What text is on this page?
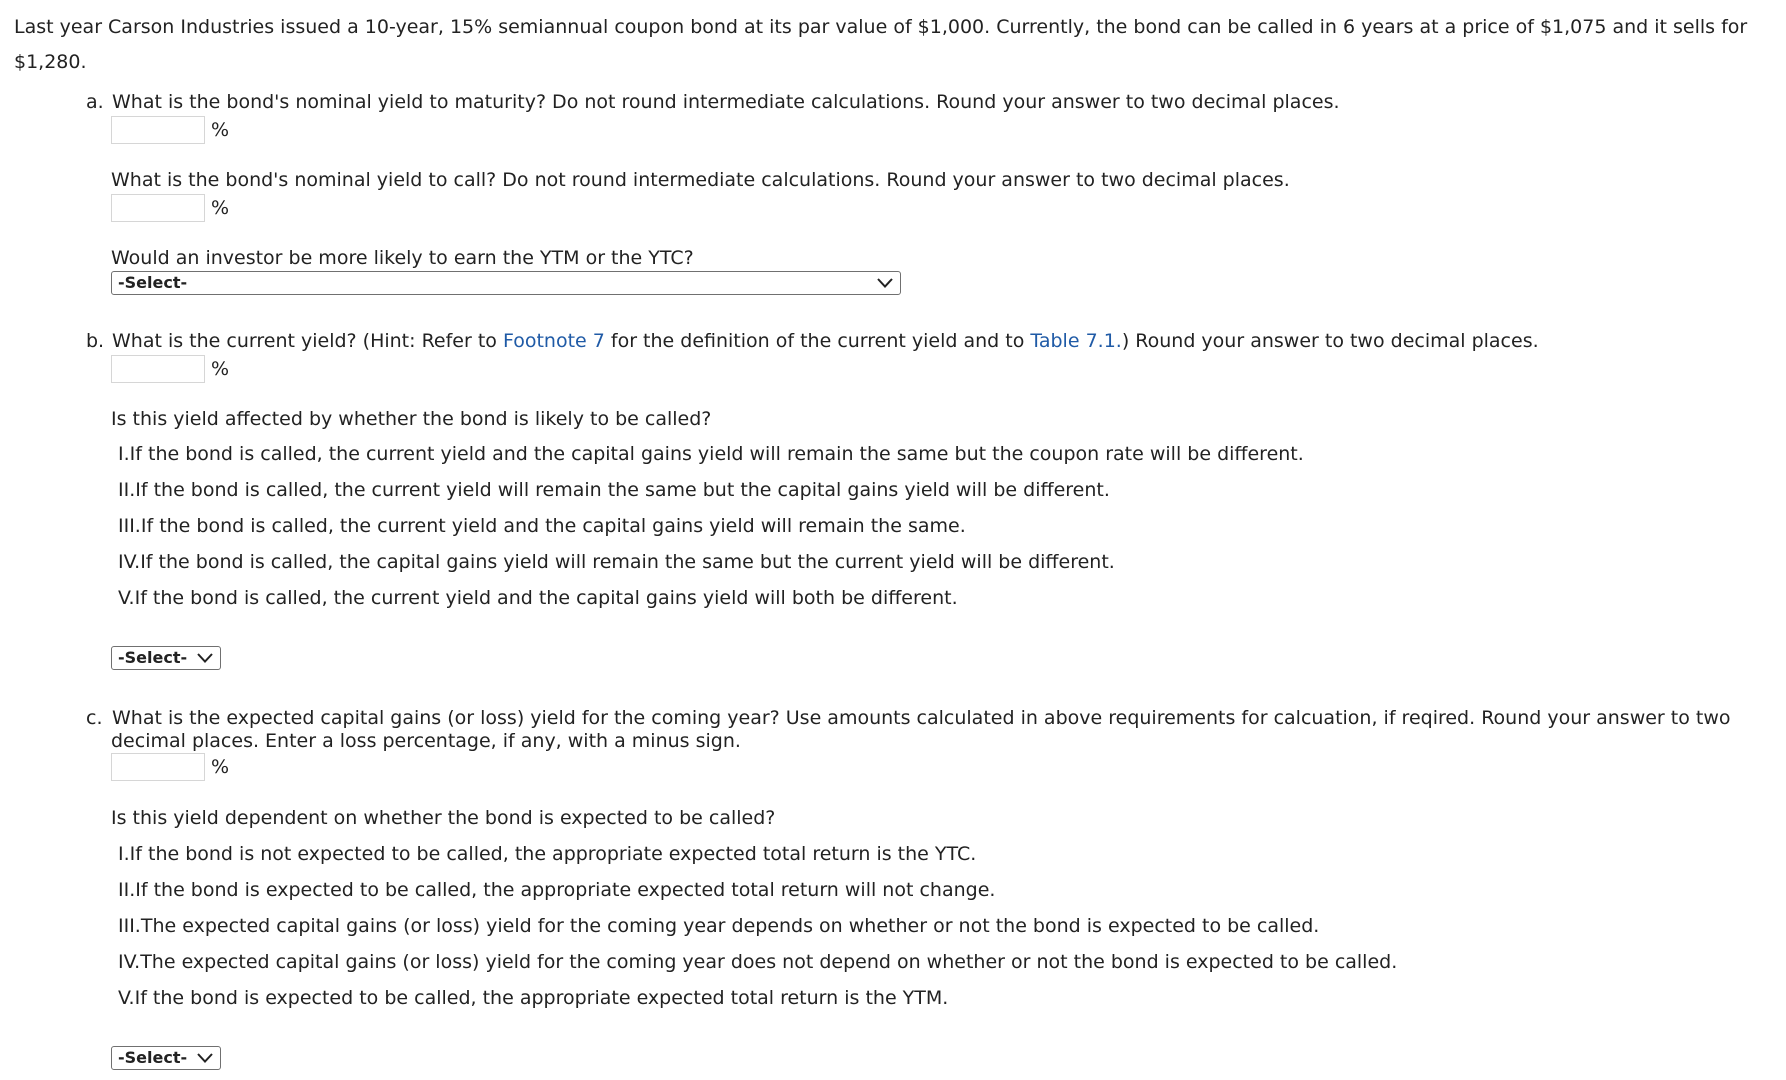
Last year Carson Industries issued a 10-year, 15% semiannual coupon bond at its par value of $1,000. Currently, the bond can be called in 6 years at a price of $1,075 and it sells for $1,280.
a. What is the bond's nominal yield to maturity? Do not round intermediate calculations. Round your answer to two decimal places.
%
What is the bond's nominal yield to call? Do not round intermediate calculations. Round your answer to two decimal places.
%
Would an investor be more likely to earn the YTM or the YTC?
-Select-
b. What is the current yield? (Hint: Refer to Footnote 7 for the definition of the current yield and to Table 7.1.) Round your answer to two decimal places.
%
Is this yield affected by whether the bond is likely to be called?
I.If the bond is called, the current yield and the capital gains yield will remain the same but the coupon rate will be different.
II.If the bond is called, the current yield will remain the same but the capital gains yield will be different.
III.If the bond is called, the current yield and the capital gains yield will remain the same.
IV.If the bond is called, the capital gains yield will remain the same but the current yield will be different.
V.If the bond is called, the current yield and the capital gains yield will both be different.
-Select-
c. What is the expected capital gains (or loss) yield for the coming year? Use amounts calculated in above requirements for calcuation, if reqired. Round your answer to two
decimal places. Enter a loss percentage, if any, with a minus sign.
%
Is this yield dependent on whether the bond is expected to be called?
I.If the bond is not expected to be called, the appropriate expected total return is the YTC.
II.If the bond is expected to be called, the appropriate expected total return will not change.
III.The expected capital gains (or loss) yield for the coming year depends on whether or not the bond is expected to be called.
IV.The expected capital gains (or loss) yield for the coming year does not depend on whether or not the bond is expected to be called.
V.If the bond is expected to be called, the appropriate expected total return is the YTM.
-Select-
